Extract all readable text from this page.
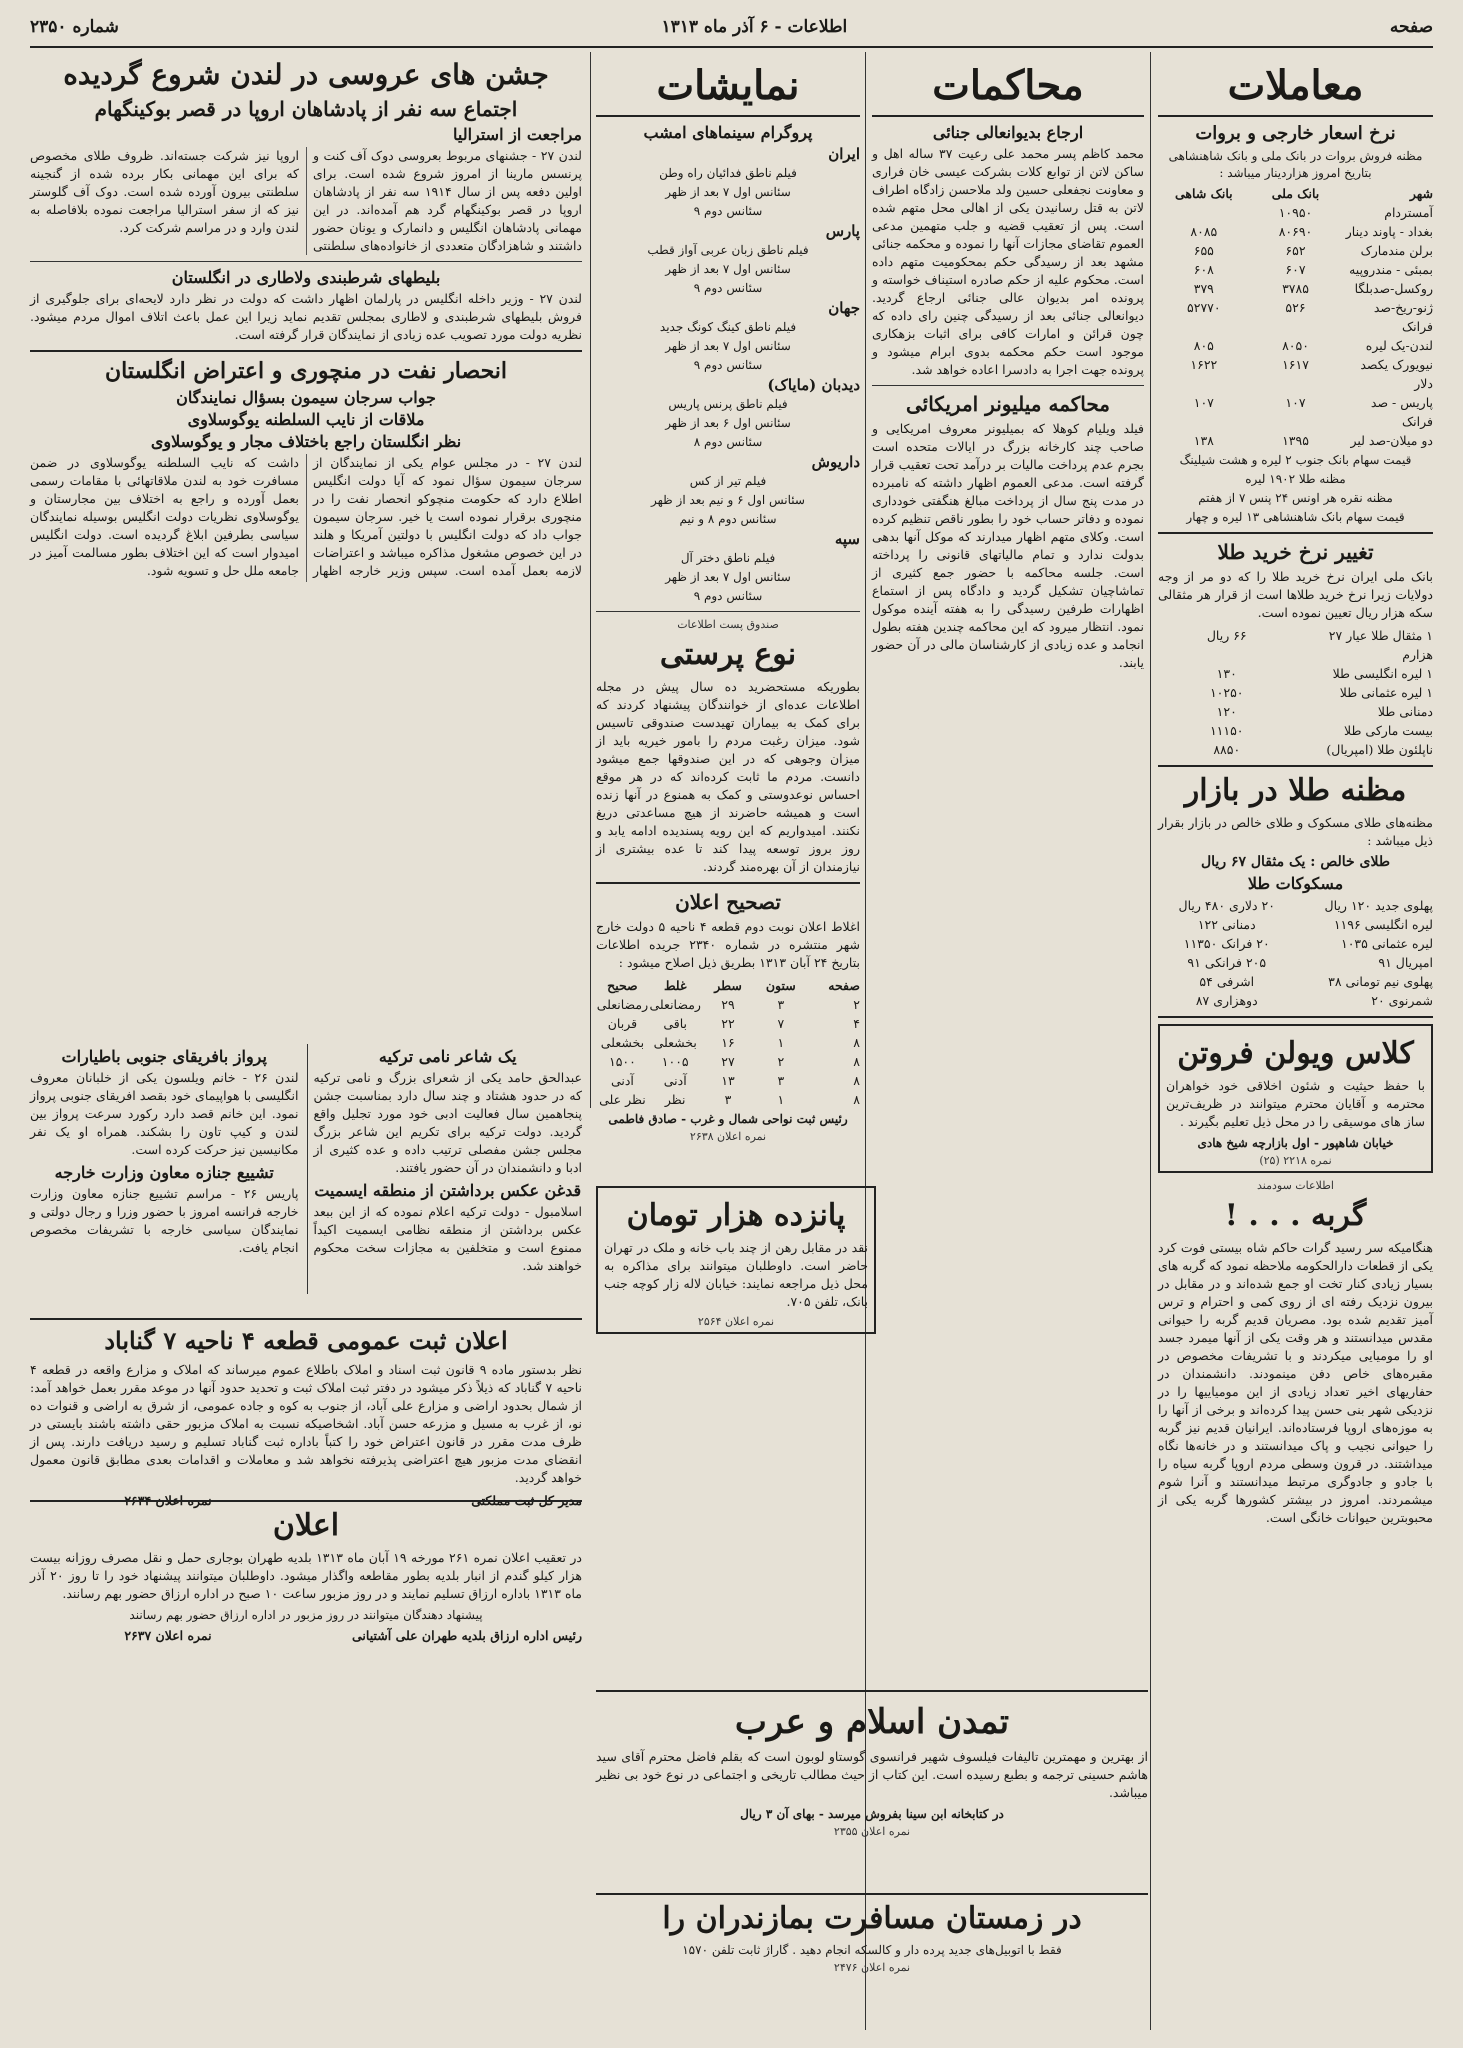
صفحه
اطلاعات - ۶ آذر ماه ۱۳۱۳
شماره ۲۳۵۰
معاملات
نرخ اسعار خارجی و بروات
مظنه فروش بروات در بانک ملی و بانک شاهنشاهی بتاریخ امروز هزاردینار میباشد :
شهر
بانک ملی
بانک شاهی
آمستردام
۱۰۹۵۰
بغداد - پاوند دینار
۸۰۶۹۰
۸۰۸۵
برلن مندمارک
۶۵۲
۶۵۵
بمبئی - مندروپیه
۶۰۷
۶۰۸
روکسل-صدبلگا
۳۷۸۵
۳۷۹
ژنو-ریخ-صد فرانک
۵۲۶
۵۲۷۷۰
لندن-یک لیره
۸۰۵۰
۸۰۵
نیویورک یکصد دلار
۱۶۱۷
۱۶۲۲
پاریس - صد فرانک
۱۰۷
۱۰۷
دو میلان-صد لیر
۱۳۹۵
۱۳۸
قیمت سهام بانک جنوب ۲ لیره و هشت شیلینگ
مظنه طلا ۱۹۰۲ لیره
مظنه نقره هر اونس ۲۴ پنس ۷ از هفتم
قیمت سهام بانک شاهنشاهی ۱۳ لیره و چهار
تغییر نرخ خرید طلا
بانک ملی ایران نرخ خرید طلا را که دو مر از وجه دولایات زیرا نرخ خرید طلاها است از قرار هر مثقالی سکه هزار ریال تعیین نموده است.
۱ مثقال طلا عیار ۲۷ هزارم
۶۶ ریال
۱ لیره انگلیسی طلا
۱۳۰
۱ لیره عثمانی طلا
۱۰۲۵۰
دمنانی طلا
۱۲۰
بیست مارکی طلا
۱۱۱۵۰
ناپلئون طلا (امپریال)
۸۸۵۰
مظنه طلا در بازار
مظنه‌های طلای مسکوک و طلای خالص در بازار بقرار ذیل میباشد :
طلای خالص : یک مثقال ۶۷ ریال
مسکوکات طلا
پهلوی جدید ۱۲۰ ریال
۲۰ دلاری ۴۸۰ ریال
لیره انگلیسی ۱۱۹۶
دمنانی ۱۲۲
لیره عثمانی ۱۰۳۵
۲۰ فرانک ۱۱۳۵۰
امپریال ۹۱
۲۰۵ فرانکی ۹۱
پهلوی نیم تومانی ۳۸
اشرفی ۵۴
شمرنوی ۲۰
دوهزاری ۸۷
کلاس ویولن فروتن
با حفظ حیثیت و شئون اخلاقی خود خواهران محترمه و آقایان محترم میتوانند در ظریف‌ترین ساز های موسیقی را در محل ذیل تعلیم بگیرند .
خیابان شاهپور - اول بازارچه شیخ هادی
نمره ۲۲۱۸ (۲۵)
اطلاعات سودمند
گربه . . . !
هنگامیکه سر رسید گرات حاکم شاه بیستی فوت کرد یکی از قطعات دارالحکومه ملاحظه نمود که گربه های بسیار زیادی کنار تخت او جمع شده‌اند و در مقابل در بیرون نزدیک رفته ای از روی کمی و احترام و ترس آمیز تقدیم شده بود. مصریان قدیم گربه را حیوانی مقدس میدانستند و هر وقت یکی از آنها میمرد جسد او را مومیایی میکردند و با تشریفات مخصوص در مقبره‌های خاص دفن مینمودند. دانشمندان در حفاریهای اخیر تعداد زیادی از این مومیاییها را در نزدیکی شهر بنی حسن پیدا کرده‌اند و برخی از آنها را به موزه‌های اروپا فرستاده‌اند. ایرانیان قدیم نیز گربه را حیوانی نجیب و پاک میدانستند و در خانه‌ها نگاه میداشتند. در قرون وسطی مردم اروپا گربه سیاه را با جادو و جادوگری مرتبط میدانستند و آنرا شوم میشمردند. امروز در بیشتر کشورها گربه یکی از محبوبترین حیوانات خانگی است.
محاکمات
ارجاع بدیوانعالی جنائی
محمد کاظم پسر محمد علی رعیت ۳۷ ساله اهل و ساکن لاتن از توابع کلات بشرکت عیسی خان فراری و معاونت نجفعلی حسین ولد ملاحسن زادگاه اطراف لاتن به قتل رسانیدن یکی از اهالی محل متهم شده است. پس از تعقیب قضیه و جلب متهمین مدعی العموم تقاضای مجازات آنها را نموده و محکمه جنائی مشهد بعد از رسیدگی حکم بمحکومیت متهم داده است. محکوم علیه از حکم صادره استیناف خواسته و پرونده امر بدیوان عالی جنائی ارجاع گردید. دیوانعالی جنائی بعد از رسیدگی چنین رای داده که چون قرائن و امارات کافی برای اثبات بزهکاری موجود است حکم محکمه بدوی ابرام میشود و پرونده جهت اجرا به دادسرا اعاده خواهد شد.
محاکمه میلیونر امریکائی
فیلد ویلیام کوهلا که بمیلیونر معروف امریکایی و صاحب چند کارخانه بزرگ در ایالات متحده است بجرم عدم پرداخت مالیات بر درآمد تحت تعقیب قرار گرفته است. مدعی العموم اظهار داشته که نامبرده در مدت پنج سال از پرداخت مبالغ هنگفتی خودداری نموده و دفاتر حساب خود را بطور ناقص تنظیم کرده است. وکلای متهم اظهار میدارند که موکل آنها بدهی بدولت ندارد و تمام مالیاتهای قانونی را پرداخته است. جلسه محاکمه با حضور جمع کثیری از تماشاچیان تشکیل گردید و دادگاه پس از استماع اظهارات طرفین رسیدگی را به هفته آینده موکول نمود. انتظار میرود که این محاکمه چندین هفته بطول انجامد و عده زیادی از کارشناسان مالی در آن حضور یابند.
نمایشات
پروگرام سینماهای امشب
ایران
فیلم ناطق فدائیان راه وطن
سئانس اول ۷ بعد از ظهر
سئانس دوم ۹
پارس
فیلم ناطق زبان عربی آواز قطب
سئانس اول ۷ بعد از ظهر
سئانس دوم ۹
جهان
فیلم ناطق کینگ کونگ جدید
سئانس اول ۷ بعد از ظهر
سئانس دوم ۹
دیدبان (مایاک)
فیلم ناطق پرنس پاریس
سئانس اول ۶ بعد از ظهر
سئانس دوم ۸
داریوش
فیلم تیر از کس
سئانس اول ۶ و نیم بعد از ظهر
سئانس دوم ۸ و نیم
سپه
فیلم ناطق دختر آل
سئانس اول ۷ بعد از ظهر
سئانس دوم ۹
صندوق پست اطلاعات
نوع پرستی
بطوریکه مستحضرید ده سال پیش در مجله اطلاعات عده‌ای از خوانندگان پیشنهاد کردند که برای کمک به بیماران تهیدست صندوقی تاسیس شود. میزان رغبت مردم را بامور خیریه باید از میزان وجوهی که در این صندوقها جمع میشود دانست. مردم ما ثابت کرده‌اند که در هر موقع احساس نوعدوستی و کمک به همنوع در آنها زنده است و همیشه حاضرند از هیچ مساعدتی دریغ نکنند. امیدواریم که این رویه پسندیده ادامه یابد و روز بروز توسعه پیدا کند تا عده بیشتری از نیازمندان از آن بهره‌مند گردند.
تصحیح اعلان
اغلاط اعلان نوبت دوم قطعه ۴ ناحیه ۵ دولت خارج شهر منتشره در شماره ۲۳۴۰ جریده اطلاعات بتاریخ ۲۴ آبان ۱۳۱۳ بطریق ذیل اصلاح میشود :
صفحه
ستون
سطر
غلط
صحیح
۲
۳
۲۹
رمضانعلی
رمضانعلی
۴
۷
۲۲
باقی
قربان
۸
۱
۱۶
بخشعلی
بخشعلی
۸
۲
۲۷
۱۰۰۵
۱۵۰۰
۸
۳
۱۳
آدنی
آدنی
۸
۱
۳
نظر
نظر علی
رئیس ثبت نواحی شمال و غرب - صادق فاطمی
نمره اعلان ۲۶۳۸
پانزده هزار تومان
نقد در مقابل رهن از چند باب خانه و ملک در تهران حاضر است. داوطلبان میتوانند برای مذاکره به محل ذیل مراجعه نمایند: خیابان لاله زار کوچه جنب بانک، تلفن ۷۰۵.
نمره اعلان ۲۵۶۴
جشن های عروسی در لندن شروع گردیده
اجتماع سه نفر از پادشاهان اروپا در قصر بوکینگهام
مراجعت از استرالیا
لندن ۲۷ - جشنهای مربوط بعروسی دوک آف کنت و پرنسس مارینا از امروز شروع شده است. برای اولین دفعه پس از سال ۱۹۱۴ سه نفر از پادشاهان اروپا در قصر بوکینگهام گرد هم آمده‌اند. در این مهمانی پادشاهان انگلیس و دانمارک و یونان حضور داشتند و شاهزادگان متعددی از خانواده‌های سلطنتی اروپا نیز شرکت جسته‌اند. ظروف طلای مخصوص که برای این مهمانی بکار برده شده از گنجینه سلطنتی بیرون آورده شده است. دوک آف گلوستر نیز که از سفر استرالیا مراجعت نموده بلافاصله به لندن وارد و در مراسم شرکت کرد.
بلیطهای شرطبندی ولاطاری در انگلستان
لندن ۲۷ - وزیر داخله انگلیس در پارلمان اظهار داشت که دولت در نظر دارد لایحه‌ای برای جلوگیری از فروش بلیطهای شرطبندی و لاطاری بمجلس تقدیم نماید زیرا این عمل باعث اتلاف اموال مردم میشود. نظریه دولت مورد تصویب عده زیادی از نمایندگان قرار گرفته است.
انحصار نفت در منچوری و اعتراض انگلستان
جواب سرجان سیمون بسؤال نمایندگان
ملاقات از نایب السلطنه یوگوسلاوی
نظر انگلستان راجع باختلاف مجار و یوگوسلاوی
لندن ۲۷ - در مجلس عوام یکی از نمایندگان از سرجان سیمون سؤال نمود که آیا دولت انگلیس اطلاع دارد که حکومت منچوکو انحصار نفت را در منچوری برقرار نموده است یا خیر. سرجان سیمون جواب داد که دولت انگلیس با دولتین آمریکا و هلند در این خصوص مشغول مذاکره میباشد و اعتراضات لازمه بعمل آمده است. سپس وزیر خارجه اظهار داشت که نایب السلطنه یوگوسلاوی در ضمن مسافرت خود به لندن ملاقاتهائی با مقامات رسمی بعمل آورده و راجع به اختلاف بین مجارستان و یوگوسلاوی نظریات دولت انگلیس بوسیله نمایندگان سیاسی بطرفین ابلاغ گردیده است. دولت انگلیس امیدوار است که این اختلاف بطور مسالمت آمیز در جامعه ملل حل و تسویه شود.
یک شاعر نامی ترکیه
عبدالحق حامد یکی از شعرای بزرگ و نامی ترکیه که در حدود هشتاد و چند سال دارد بمناسبت جشن پنجاهمین سال فعالیت ادبی خود مورد تجلیل واقع گردید. دولت ترکیه برای تکریم این شاعر بزرگ مجلس جشن مفصلی ترتیب داده و عده کثیری از ادبا و دانشمندان در آن حضور یافتند.
قدغن عکس برداشتن از منطقه ایسمیت
اسلامبول - دولت ترکیه اعلام نموده که از این ببعد عکس برداشتن از منطقه نظامی ایسمیت اکیداً ممنوع است و متخلفین به مجازات سخت محکوم خواهند شد.
پرواز بافریقای جنوبی باطیارات
لندن ۲۶ - خانم ویلسون یکی از خلبانان معروف انگلیسی با هواپیمای خود بقصد افریقای جنوبی پرواز نمود. این خانم قصد دارد رکورد سرعت پرواز بین لندن و کیپ تاون را بشکند. همراه او یک نفر مکانیسین نیز حرکت کرده است.
تشییع جنازه معاون وزارت خارجه
پاریس ۲۶ - مراسم تشییع جنازه معاون وزارت خارجه فرانسه امروز با حضور وزرا و رجال دولتی و نمایندگان سیاسی خارجه با تشریفات مخصوص انجام یافت.
اعلان ثبت عمومی قطعه ۴ ناحیه ۷ گناباد
نظر بدستور ماده ۹ قانون ثبت اسناد و املاک باطلاع عموم میرساند که املاک و مزارع واقعه در قطعه ۴ ناحیه ۷ گناباد که ذیلاً ذکر میشود در دفتر ثبت املاک ثبت و تحدید حدود آنها در موعد مقرر بعمل خواهد آمد: از شمال بحدود اراضی و مزارع علی آباد، از جنوب به کوه و جاده عمومی، از شرق به اراضی و قنوات ده نو، از غرب به مسیل و مزرعه حسن آباد. اشخاصیکه نسبت به املاک مزبور حقی داشته باشند بایستی در ظرف مدت مقرر در قانون اعتراض خود را کتباً باداره ثبت گناباد تسلیم و رسید دریافت دارند. پس از انقضای مدت مزبور هیچ اعتراضی پذیرفته نخواهد شد و معاملات و اقدامات بعدی مطابق قانون معمول خواهد گردید.
مدیر کل ثبت مملکتی
نمره اعلان ۲۶۳۴
اعلان
در تعقیب اعلان نمره ۲۶۱ مورخه ۱۹ آبان ماه ۱۳۱۳ بلدیه طهران بوجاری حمل و نقل مصرف روزانه بیست هزار کیلو گندم از انبار بلدیه بطور مقاطعه واگذار میشود. داوطلبان میتوانند پیشنهاد خود را تا روز ۲۰ آذر ماه ۱۳۱۳ باداره ارزاق تسلیم نمایند و در روز مزبور ساعت ۱۰ صبح در اداره ارزاق حضور بهم رسانند.
پیشنهاد دهندگان میتوانند در روز مزبور در اداره ارزاق حضور بهم رسانند
رئیس اداره ارزاق بلدیه طهران علی آشتیانی
نمره اعلان ۲۶۳۷
تمدن اسلام و عرب
از بهترین و مهمترین تالیفات فیلسوف شهیر فرانسوی گوستاو لوبون است که بقلم فاضل محترم آقای سید هاشم حسینی ترجمه و بطبع رسیده است. این کتاب از حیث مطالب تاریخی و اجتماعی در نوع خود بی نظیر میباشد.
در کتابخانه ابن سینا بفروش میرسد - بهای آن ۳ ریال
نمره اعلان ۲۳۵۵
در زمستان مسافرت بمازندران را
فقط با اتوبیل‌های جدید پرده دار و کالسکه انجام دهید . گاراژ ثابت تلفن ۱۵۷۰
نمره اعلان ۲۴۷۶
